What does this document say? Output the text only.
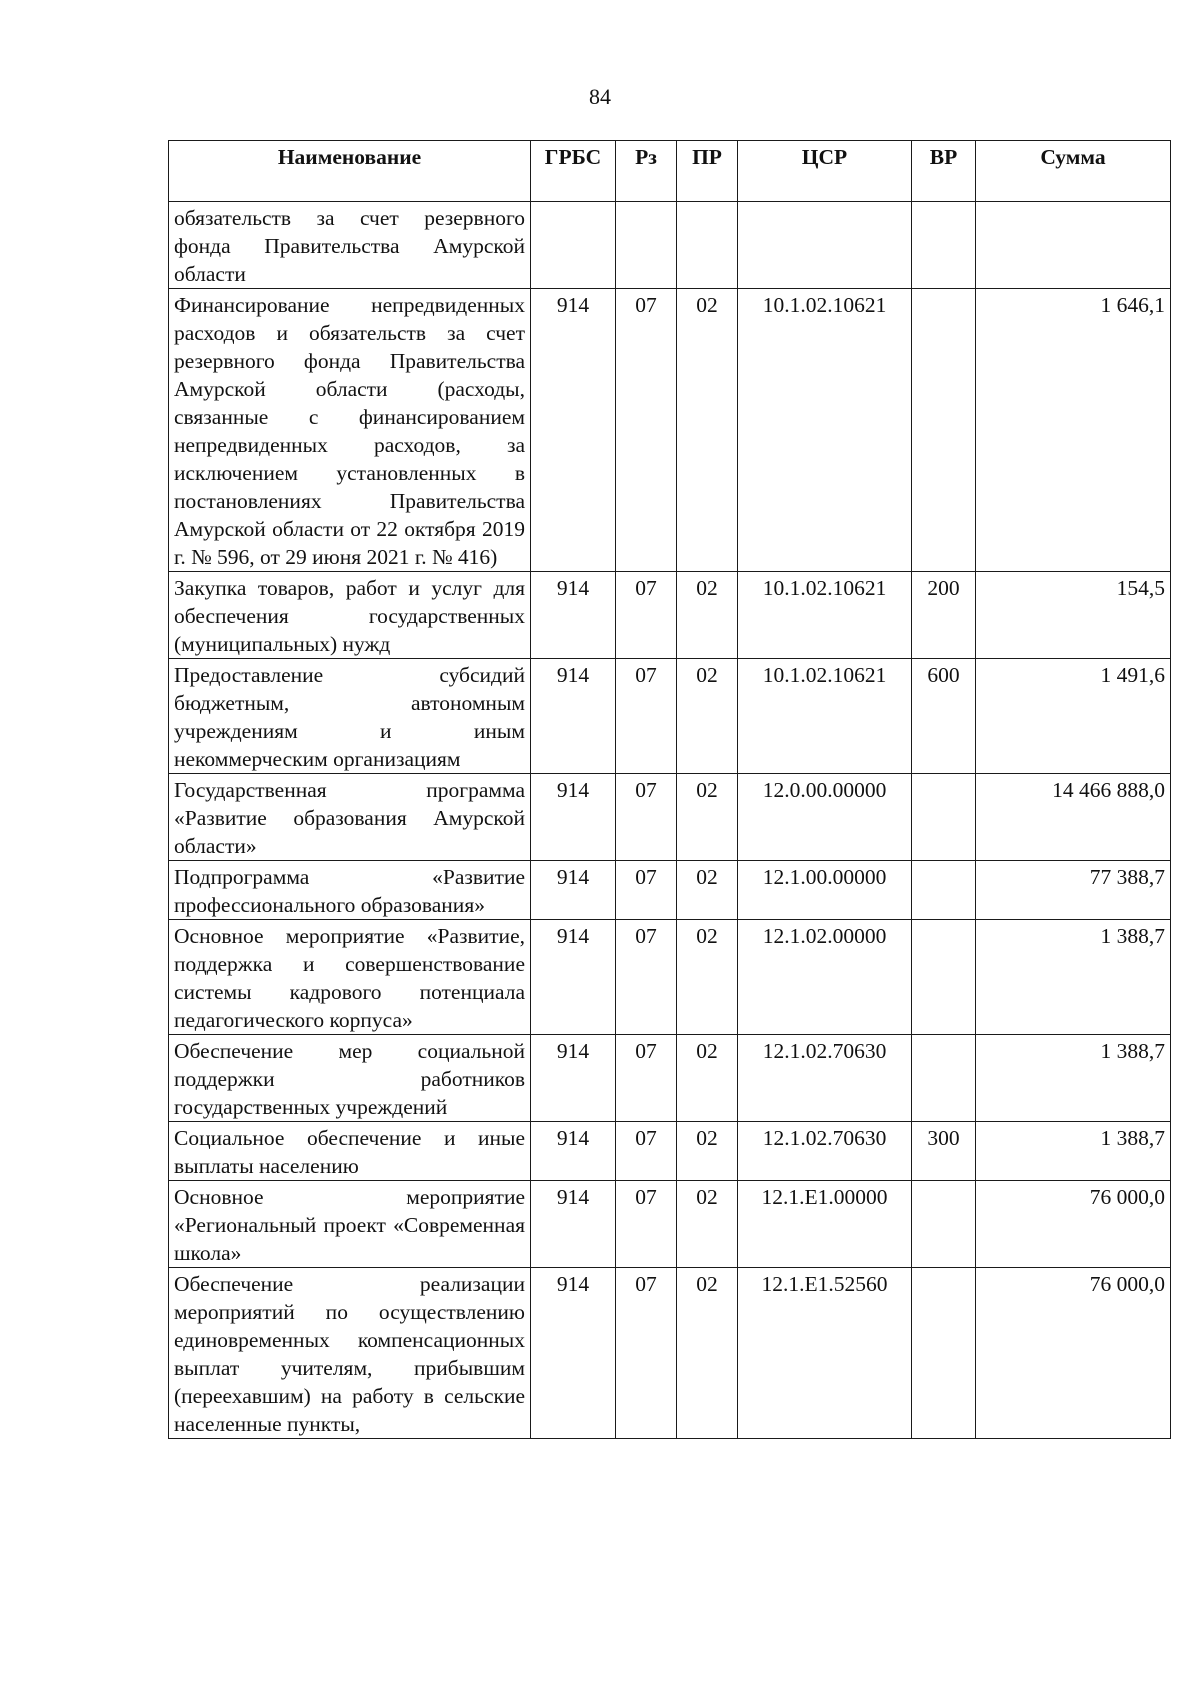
84
Наименование	ГРБС	Рз	ПР	ЦСР	ВР	Сумма
обязательств за счет резервного фонда Правительства Амурской области						
Финансирование непредвиденных расходов и обязательств за счет резервного фонда Правительства Амурской области (расходы, связанные с финансированием непредвиденных расходов, за исключением установленных в постановлениях Правительства Амурской области от 22 октября 2019 г. № 596, от 29 июня 2021 г. № 416)	914	07	02	10.1.02.10621		1 646,1
Закупка товаров, работ и услуг для обеспечения государственных (муниципальных) нужд	914	07	02	10.1.02.10621	200	154,5
Предоставление субсидий бюджетным, автономным учреждениям и иным некоммерческим организациям	914	07	02	10.1.02.10621	600	1 491,6
Государственная программа «Развитие образования Амурской области»	914	07	02	12.0.00.00000		14 466 888,0
Подпрограмма «Развитие профессионального образования»	914	07	02	12.1.00.00000		77 388,7
Основное мероприятие «Развитие, поддержка и совершенствование системы кадрового потенциала педагогического корпуса»	914	07	02	12.1.02.00000		1 388,7
Обеспечение мер социальной поддержки работников государственных учреждений	914	07	02	12.1.02.70630		1 388,7
Социальное обеспечение и иные выплаты населению	914	07	02	12.1.02.70630	300	1 388,7
Основное мероприятие «Региональный проект «Современная школа»	914	07	02	12.1.E1.00000		76 000,0
Обеспечение реализации мероприятий по осуществлению единовременных компенсационных выплат учителям, прибывшим (переехавшим) на работу в сельские населенные пункты,	914	07	02	12.1.E1.52560		76 000,0
